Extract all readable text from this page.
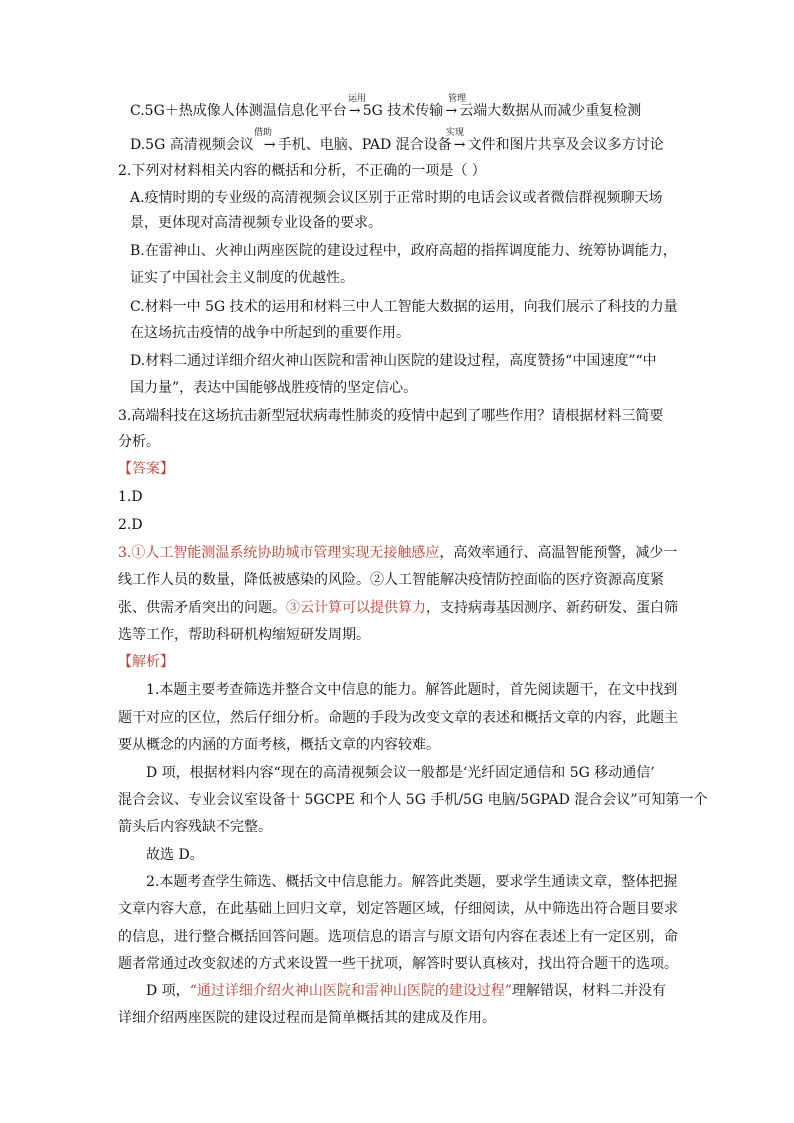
C.5G＋热成像人体测温信息化平台 → 5G 技术传输 → 云端大数据从而减少重复检测
运用	管理
D.5G 高清视频会议 → 手机、电脑、PAD 混合设备 → 文件和图片共享及会议多方讨论
借助	实现
2.下列对材料相关内容的概括和分析，不正确的一项是（ ）
A.疫情时期的专业级的高清视频会议区别于正常时期的电话会议或者微信群视频聊天场
景，更体现对高清视频专业设备的要求。
B.在雷神山、火神山两座医院的建设过程中，政府高超的指挥调度能力、统筹协调能力，
证实了中国社会主义制度的优越性。
C.材料一中 5G 技术的运用和材料三中人工智能大数据的运用，向我们展示了科技的力量
在这场抗击疫情的战争中所起到的重要作用。
D.材料二通过详细介绍火神山医院和雷神山医院的建设过程，高度赞扬“中国速度”“中
国力量”，表达中国能够战胜疫情的坚定信心。
3.高端科技在这场抗击新型冠状病毒性肺炎的疫情中起到了哪些作用？请根据材料三简要
分析。
【答案】
1.D
2.D
3.①人工智能测温系统协助城市管理实现无接触感应，高效率通行、高温智能预警，减少一
线工作人员的数量，降低被感染的风险。②人工智能解决疫情防控面临的医疗资源高度紧
张、供需矛盾突出的问题。③云计算可以提供算力，支持病毒基因测序、新药研发、蛋白筛
选等工作，帮助科研机构缩短研发周期。
【解析】
1.本题主要考查筛选并整合文中信息的能力。解答此题时，首先阅读题干，在文中找到
题干对应的区位，然后仔细分析。命题的手段为改变文章的表述和概括文章的内容，此题主
要从概念的内涵的方面考核，概括文章的内容较难。
D 项，根据材料内容“现在的高清视频会议一般都是‘光纤固定通信和 5G 移动通信’
混合会议、专业会议室设备十 5GCPE 和个人 5G 手机/5G 电脑/5GPAD 混合会议”可知第一个
箭头后内容残缺不完整。
故选 D。
2.本题考查学生筛选、概括文中信息能力。解答此类题，要求学生通读文章，整体把握
文章内容大意，在此基础上回归文章，划定答题区域，仔细阅读，从中筛选出符合题目要求
的信息，进行整合概括回答问题。选项信息的语言与原文语句内容在表述上有一定区别，命
题者常通过改变叙述的方式来设置一些干扰项，解答时要认真核对，找出符合题干的选项。
D 项，“通过详细介绍火神山医院和雷神山医院的建设过程”理解错误，材料二并没有
详细介绍两座医院的建设过程而是简单概括其的建成及作用。
